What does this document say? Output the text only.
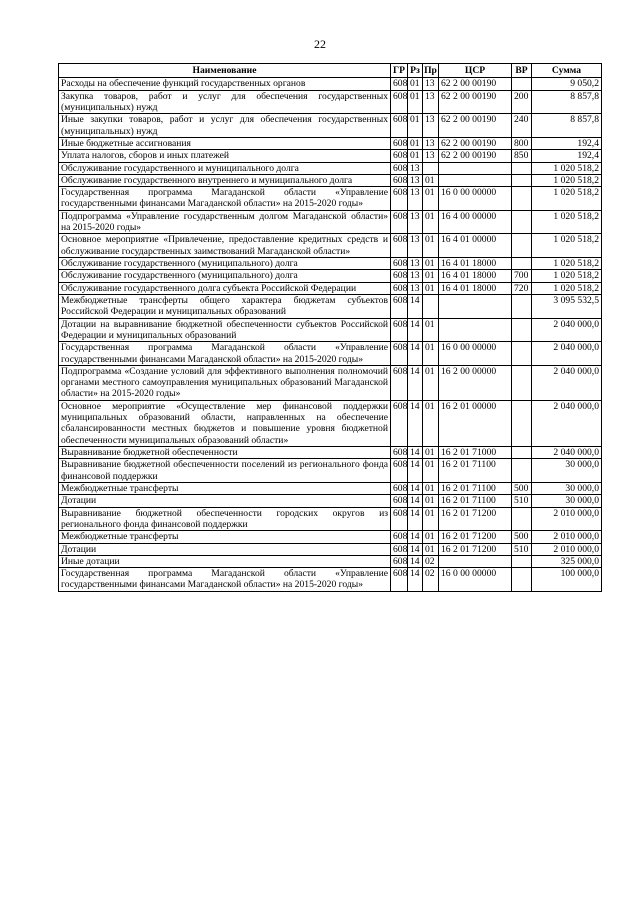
22
Наименование	ГР	Рз	Пр	ЦСР	ВР	Сумма
Расходы на обеспечение функций государственных органов	608	01	13	62 2 00 00190		9 050,2
Закупка товаров, работ и услуг для обеспечения государственных (муниципальных) нужд	608	01	13	62 2 00 00190	200	8 857,8
Иные закупки товаров, работ и услуг для обеспечения государственных (муниципальных) нужд	608	01	13	62 2 00 00190	240	8 857,8
Иные бюджетные ассигнования	608	01	13	62 2 00 00190	800	192,4
Уплата налогов, сборов и иных платежей	608	01	13	62 2 00 00190	850	192,4
Обслуживание государственного и муниципального долга	608	13				1 020 518,2
Обслуживание государственного внутреннего и муниципального долга	608	13	01			1 020 518,2
Государственная программа Магаданской области «Управление государственными финансами Магаданской области» на 2015-2020 годы»	608	13	01	16 0 00 00000		1 020 518,2
Подпрограмма «Управление государственным долгом Магаданской области» на 2015-2020 годы»	608	13	01	16 4 00 00000		1 020 518,2
Основное мероприятие «Привлечение, предоставление кредитных средств и обслуживание государственных заимствований Магаданской области»	608	13	01	16 4 01 00000		1 020 518,2
Обслуживание государственного (муниципального) долга	608	13	01	16 4 01 18000		1 020 518,2
Обслуживание государственного (муниципального) долга	608	13	01	16 4 01 18000	700	1 020 518,2
Обслуживание государственного долга субъекта Российской Федерации	608	13	01	16 4 01 18000	720	1 020 518,2
Межбюджетные трансферты общего характера бюджетам субъектов Российской Федерации и муниципальных образований	608	14				3 095 532,5
Дотации на выравнивание бюджетной обеспеченности субъектов Российской Федерации и муниципальных образований	608	14	01			2 040 000,0
Государственная программа Магаданской области «Управление государственными финансами Магаданской области» на 2015-2020 годы»	608	14	01	16 0 00 00000		2 040 000,0
Подпрограмма «Создание условий для эффективного выполнения полномочий органами местного самоуправления муниципальных образований Магаданской области» на 2015-2020 годы»	608	14	01	16 2 00 00000		2 040 000,0
Основное мероприятие «Осуществление мер финансовой поддержки муниципальных образований области, направленных на обеспечение сбалансированности местных бюджетов и повышение уровня бюджетной обеспеченности муниципальных образований области»	608	14	01	16 2 01 00000		2 040 000,0
Выравнивание бюджетной обеспеченности	608	14	01	16 2 01 71000		2 040 000,0
Выравнивание бюджетной обеспеченности поселений из регионального фонда финансовой поддержки	608	14	01	16 2 01 71100		30 000,0
Межбюджетные трансферты	608	14	01	16 2 01 71100	500	30 000,0
Дотации	608	14	01	16 2 01 71100	510	30 000,0
Выравнивание бюджетной обеспеченности городских округов из регионального фонда финансовой поддержки	608	14	01	16 2 01 71200		2 010 000,0
Межбюджетные трансферты	608	14	01	16 2 01 71200	500	2 010 000,0
Дотации	608	14	01	16 2 01 71200	510	2 010 000,0
Иные дотации	608	14	02			325 000,0
Государственная программа Магаданской области «Управление государственными финансами Магаданской области» на 2015-2020 годы»	608	14	02	16 0 00 00000		100 000,0
